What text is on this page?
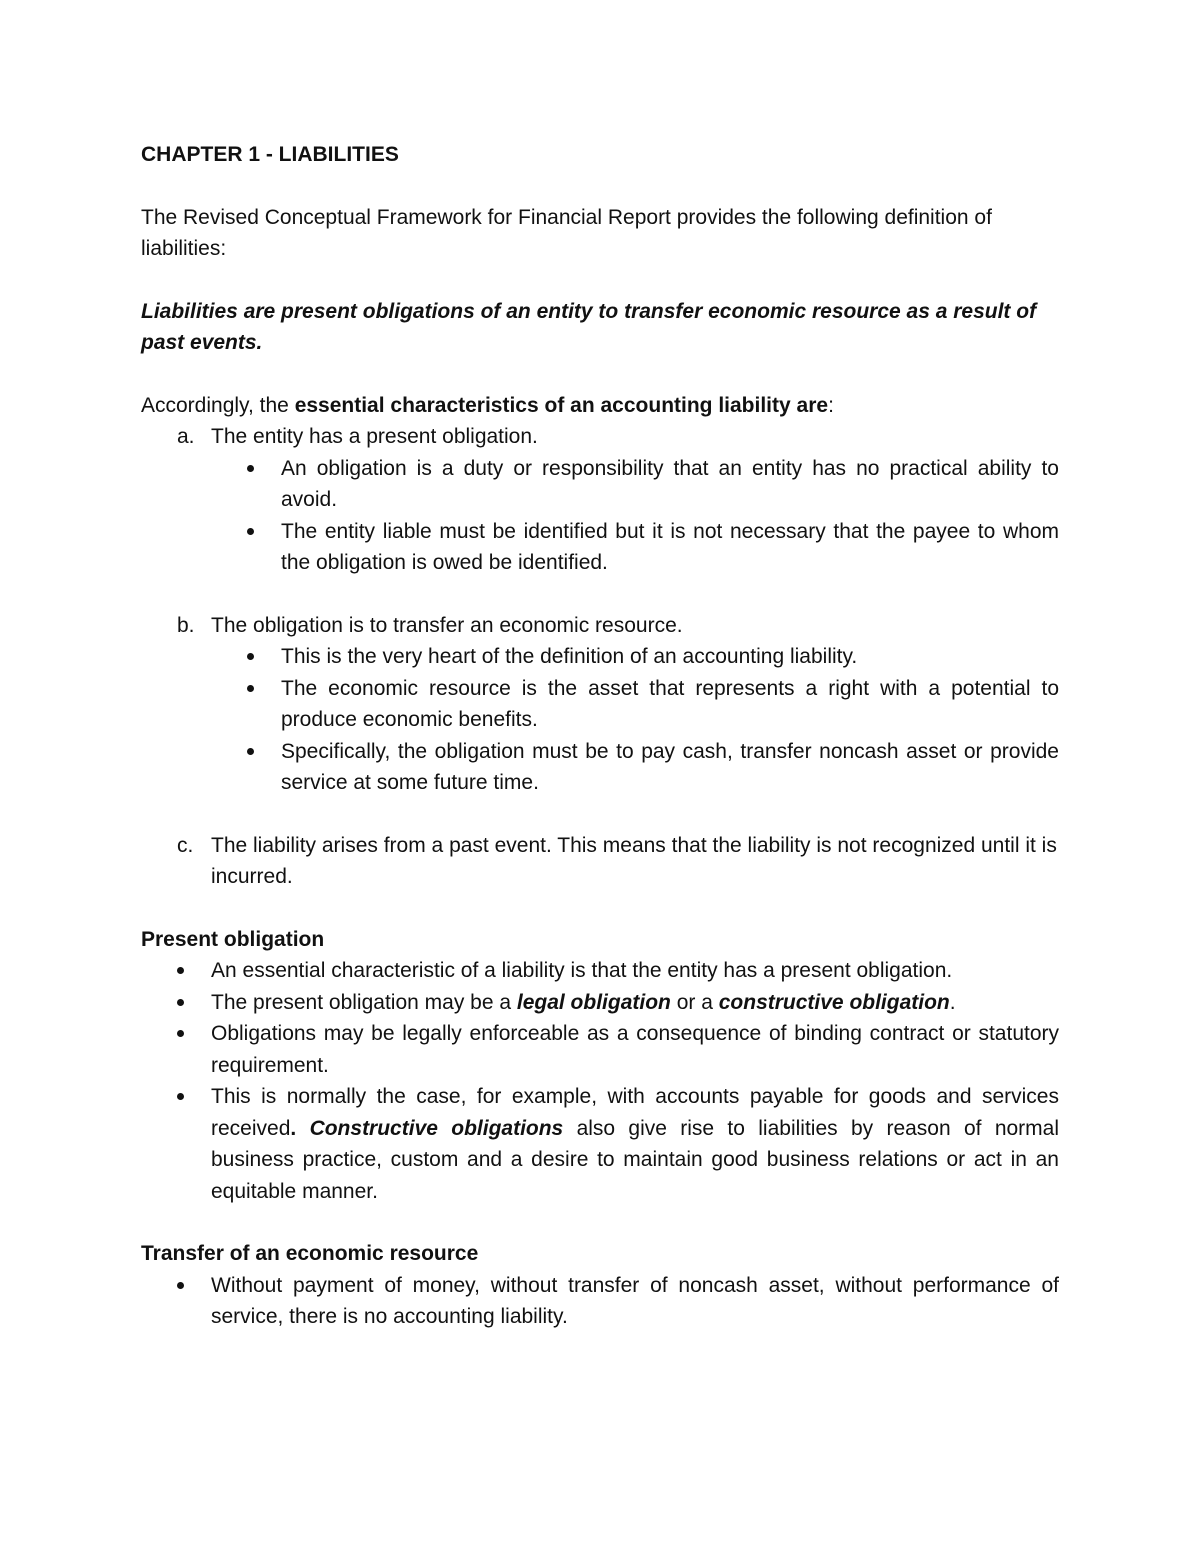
CHAPTER 1 - LIABILITIES

The Revised Conceptual Framework for Financial Report provides the following definition of liabilities:

Liabilities are present obligations of an entity to transfer economic resource as a result of past events.

Accordingly, the essential characteristics of an accounting liability are:

a. The entity has a present obligation.
An obligation is a duty or responsibility that an entity has no practical ability to avoid.
The entity liable must be identified but it is not necessary that the payee to whom the obligation is owed be identified.
b. The obligation is to transfer an economic resource.
This is the very heart of the definition of an accounting liability.
The economic resource is the asset that represents a right with a potential to produce economic benefits.
Specifically, the obligation must be to pay cash, transfer noncash asset or provide service at some future time.
c. The liability arises from a past event. This means that the liability is not recognized until it is incurred.

Present obligation

An essential characteristic of a liability is that the entity has a present obligation.
The present obligation may be a legal obligation or a constructive obligation.
Obligations may be legally enforceable as a consequence of binding contract or statutory requirement.
This is normally the case, for example, with accounts payable for goods and services received. Constructive obligations also give rise to liabilities by reason of normal business practice, custom and a desire to maintain good business relations or act in an equitable manner.

Transfer of an economic resource

Without payment of money, without transfer of noncash asset, without performance of service, there is no accounting liability.
